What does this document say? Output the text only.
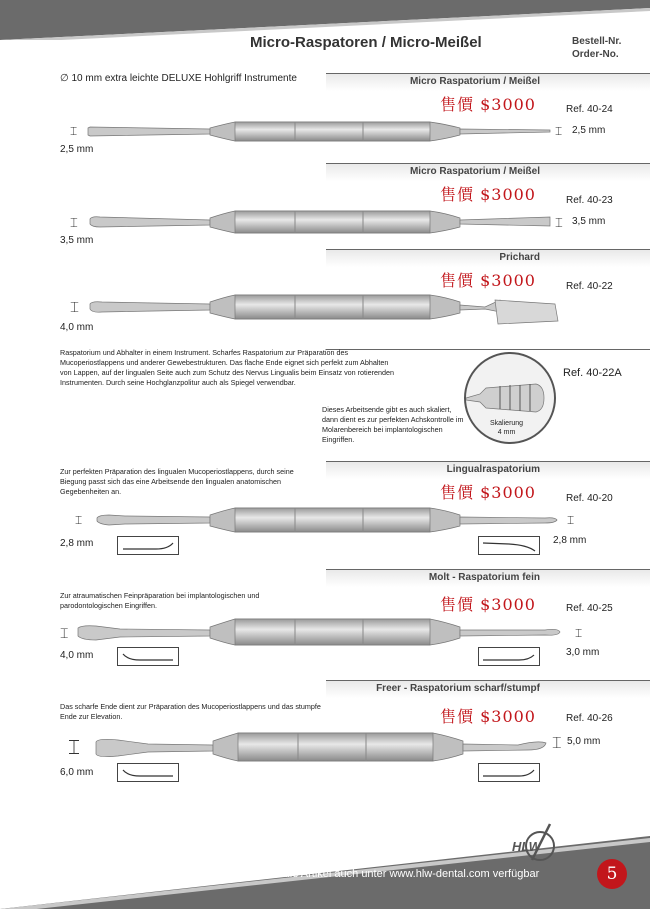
Micro-Raspatoren / Micro-Meißel	Bestell-Nr.
Order-No.
∅ 10 mm extra leichte DELUXE Hohlgriff Instrumente	Micro Raspatorium / Meißel
售價 $3000	Ref. 40-24
2,5 mm
2,5 mm
⌶	⌶
Micro Raspatorium / Meißel
售價 $3000	Ref. 40-23
3,5 mm
3,5 mm
⌶	⌶
Prichard
售價 $3000	Ref. 40-22
4,0 mm
⌶
Raspatorium und Abhalter in einem Instrument. Scharfes Raspatorium zur Präparation des Mucoperiostlappens und anderer Gewebestrukturen. Das flache Ende eignet sich perfekt zum Abhalten von Lappen, auf der lingualen Seite auch zum Schutz des Nervus Lingualis beim Einsatz von rotierenden Instrumenten. Durch seine Hochglanzpolitur auch als Spiegel verwendbar.
Ref. 40-22A
Skalierung
4 mm
Dieses Arbeitsende gibt es auch skaliert, dann dient es zur perfekten Achskontrolle im Molarenbereich bei implantologischen Eingriffen.
Zur perfekten Präparation des lingualen Mucoperiostlappens, durch seine Biegung passt sich das eine Arbeitsende den lingualen anatomischen Gegebenheiten an.
Lingualraspatorium
售價 $3000	Ref. 40-20
2,8 mm	2,8 mm
⌶	⌶
Zur atraumatischen Feinpräparation bei implantologischen und parodontologischen Eingriffen.
Molt - Raspatorium fein
售價 $3000	Ref. 40-25
4,0 mm	3,0 mm
⌶	⌶
Das scharfe Ende dient zur Präparation des Mucoperiostlappens und das stumpfe Ende zur Elevation.
Freer - Raspatorium scharf/stumpf
售價 $3000	Ref. 40-26
6,0 mm
5,0 mm
⌶	⌶
HLW
Alle Artikel auch unter www.hlw-dental.com verfügbar	5
